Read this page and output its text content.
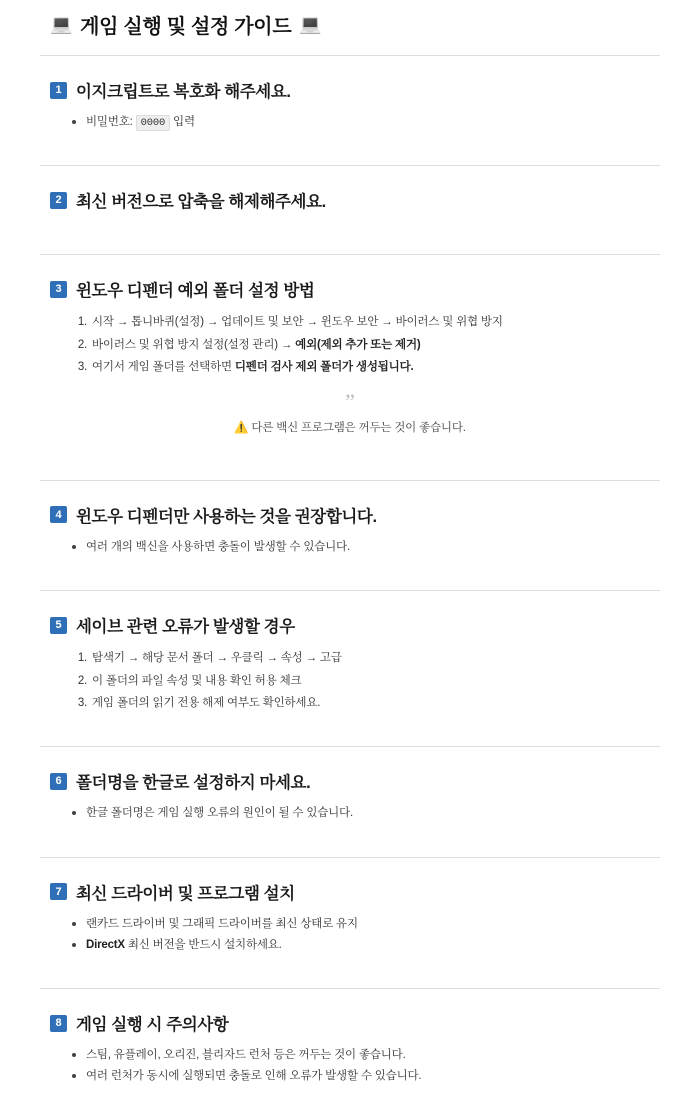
💻 게임 실행 및 설정 가이드 💻
1 이지크립트로 복호화 해주세요.
비밀번호: 0000 입력
2 최신 버전으로 압축을 해제해주세요.
3 윈도우 디펜더 예외 폴더 설정 방법
1. 시작 → 톱니바퀴(설정) → 업데이트 및 보안 → 윈도우 보안 → 바이러스 및 위협 방지
2. 바이러스 및 위협 방지 설정(설정 관리) → 예외(제외 추가 또는 제거)
3. 여기서 게임 폴더를 선택하면 디펜더 검사 제외 폴더가 생성됩니다.
”
⚠️ 다른 백신 프로그램은 꺼두는 것이 좋습니다.
4 윈도우 디펜더만 사용하는 것을 권장합니다.
여러 개의 백신을 사용하면 충돌이 발생할 수 있습니다.
5 세이브 관련 오류가 발생할 경우
1. 탐색기 → 해당 문서 폴더 → 우클릭 → 속성 → 고급
2. 이 폴더의 파일 속성 및 내용 확인 허용 체크
3. 게임 폴더의 읽기 전용 해제 여부도 확인하세요.
6 폴더명을 한글로 설정하지 마세요.
한글 폴더명은 게임 실행 오류의 원인이 될 수 있습니다.
7 최신 드라이버 및 프로그램 설치
랜카드 드라이버 및 그래픽 드라이버를 최신 상태로 유지
DirectX 최신 버전을 반드시 설치하세요.
8 게임 실행 시 주의사항
스팀, 유플레이, 오리진, 블리자드 런처 등은 꺼두는 것이 좋습니다.
여러 런처가 동시에 실행되면 충돌로 인해 오류가 발생할 수 있습니다.
